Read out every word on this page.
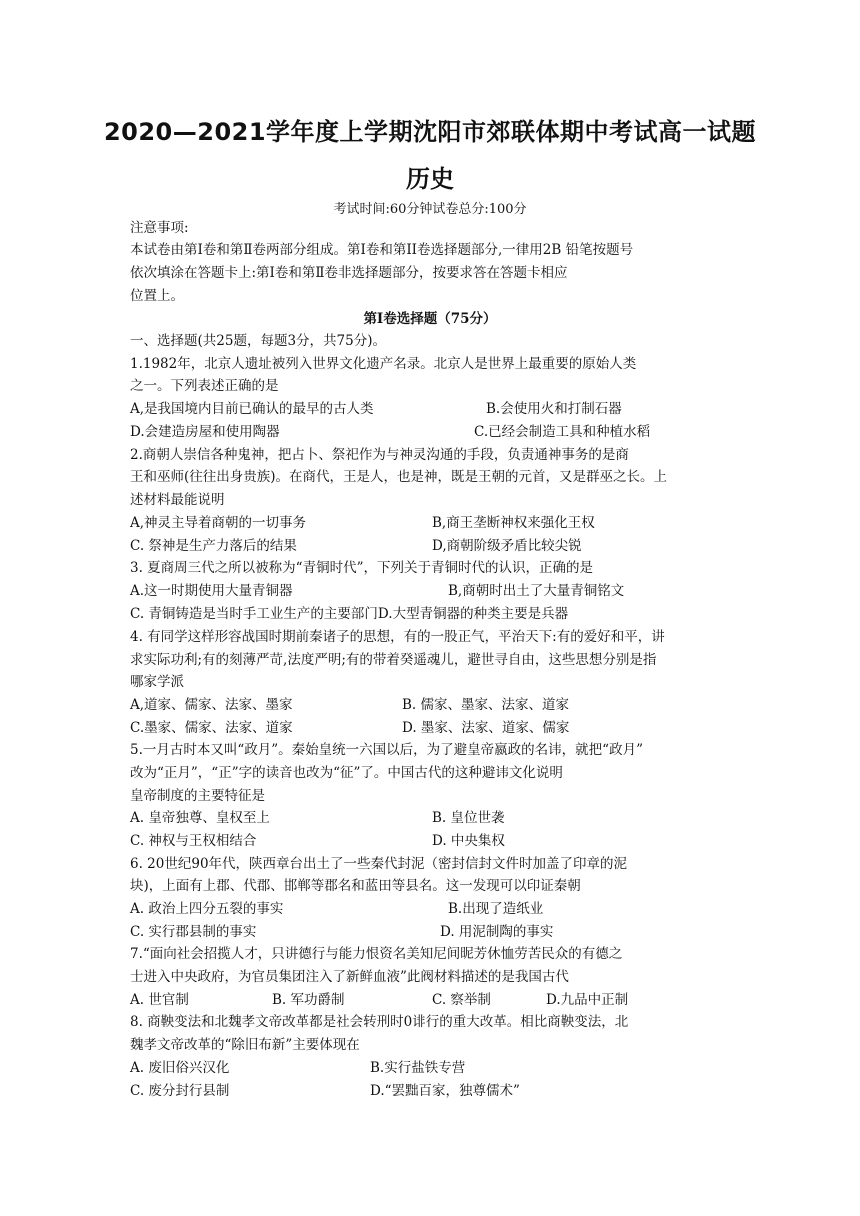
2020—2021学年度上学期沈阳市郊联体期中考试高一试题
历史
考试时间:60分钟试卷总分:100分
注意事项:
本试卷由第Ⅰ卷和第Ⅱ卷两部分组成。第Ⅰ卷和第II卷选择题部分,一律用2B 铅笔按题号
依次填涂在答题卡上:第Ⅰ卷和第Ⅱ卷非选择题部分，按要求答在答题卡相应
位置上。
第Ⅰ卷选择题（75分）
一、选择题(共25题，每题3分，共75分)。
1.1982年，北京人遗址被列入世界文化遗产名录。北京人是世界上最重要的原始人类
之一。下列表述正确的是
A,是我国境内目前已确认的最早的古人类	B.会使用火和打制石器
D.会建造房屋和使用陶器	C.已经会制造工具和种植水稻
2.商朝人崇信各种鬼神，把占卜、祭祀作为与神灵沟通的手段，负责通神事务的是商
王和巫师(往往出身贵族)。在商代，王是人，也是神，既是王朝的元首，又是群巫之长。上
述材料最能说明
A,神灵主导着商朝的一切事务	B,商王垄断神权来强化王权
C. 祭神是生产力落后的结果	D,商朝阶级矛盾比较尖锐
3. 夏商周三代之所以被称为“青铜时代”，下列关于青铜时代的认识，正确的是
A.这一时期使用大量青铜器	B,商朝时出土了大量青铜铭文
C. 青铜铸造是当时手工业生产的主要部门D.大型青铜器的种类主要是兵器
4. 有同学这样形容战国时期前秦诸子的思想，有的一股正气，平治天下:有的爱好和平，讲
求实际功利;有的刻薄严苛,法度严明;有的带着癸遥魂儿，避世寻自由，这些思想分别是指
哪家学派
A,道家、儒家、法家、墨家	B. 儒家、墨家、法家、道家
C.墨家、儒家、法家、道家	D. 墨家、法家、道家、儒家
5.一月古时本又叫“政月”。秦始皇统一六国以后，为了避皇帝嬴政的名讳，就把“政月”
改为“正月”，“正”字的读音也改为“征”了。中国古代的这种避讳文化说明
皇帝制度的主要特征是
A. 皇帝独尊、皇权至上	B. 皇位世袭
C. 神权与王权相结合	D. 中央集权
6. 20世纪90年代，陕西章台出土了一些秦代封泥（密封信封文件时加盖了印章的泥
块)，上面有上郡、代郡、邯郸等郡名和蓝田等县名。这一发现可以印证秦朝
A. 政治上四分五裂的事实	B.出现了造纸业
C. 实行郡县制的事实	D. 用泥制陶的事实
7.“面向社会招揽人才，只讲德行与能力恨资名美知尼间昵芳休恤劳苦民众的有德之
士进入中央政府，为官员集团注入了新鲜血液”此阀材料描述的是我国古代
A. 世官制	B. 军功爵制	C. 察举制	D.九品中正制
8. 商鞅变法和北魏孝文帝改革都是社会转刑时0诽行的重大改革。相比商鞅变法，北
魏孝文帝改革的“除旧布新”主要体现在
A. 废旧俗兴汉化	B.实行盐铁专营
C. 废分封行县制	D.“罢黜百家，独尊儒术”
